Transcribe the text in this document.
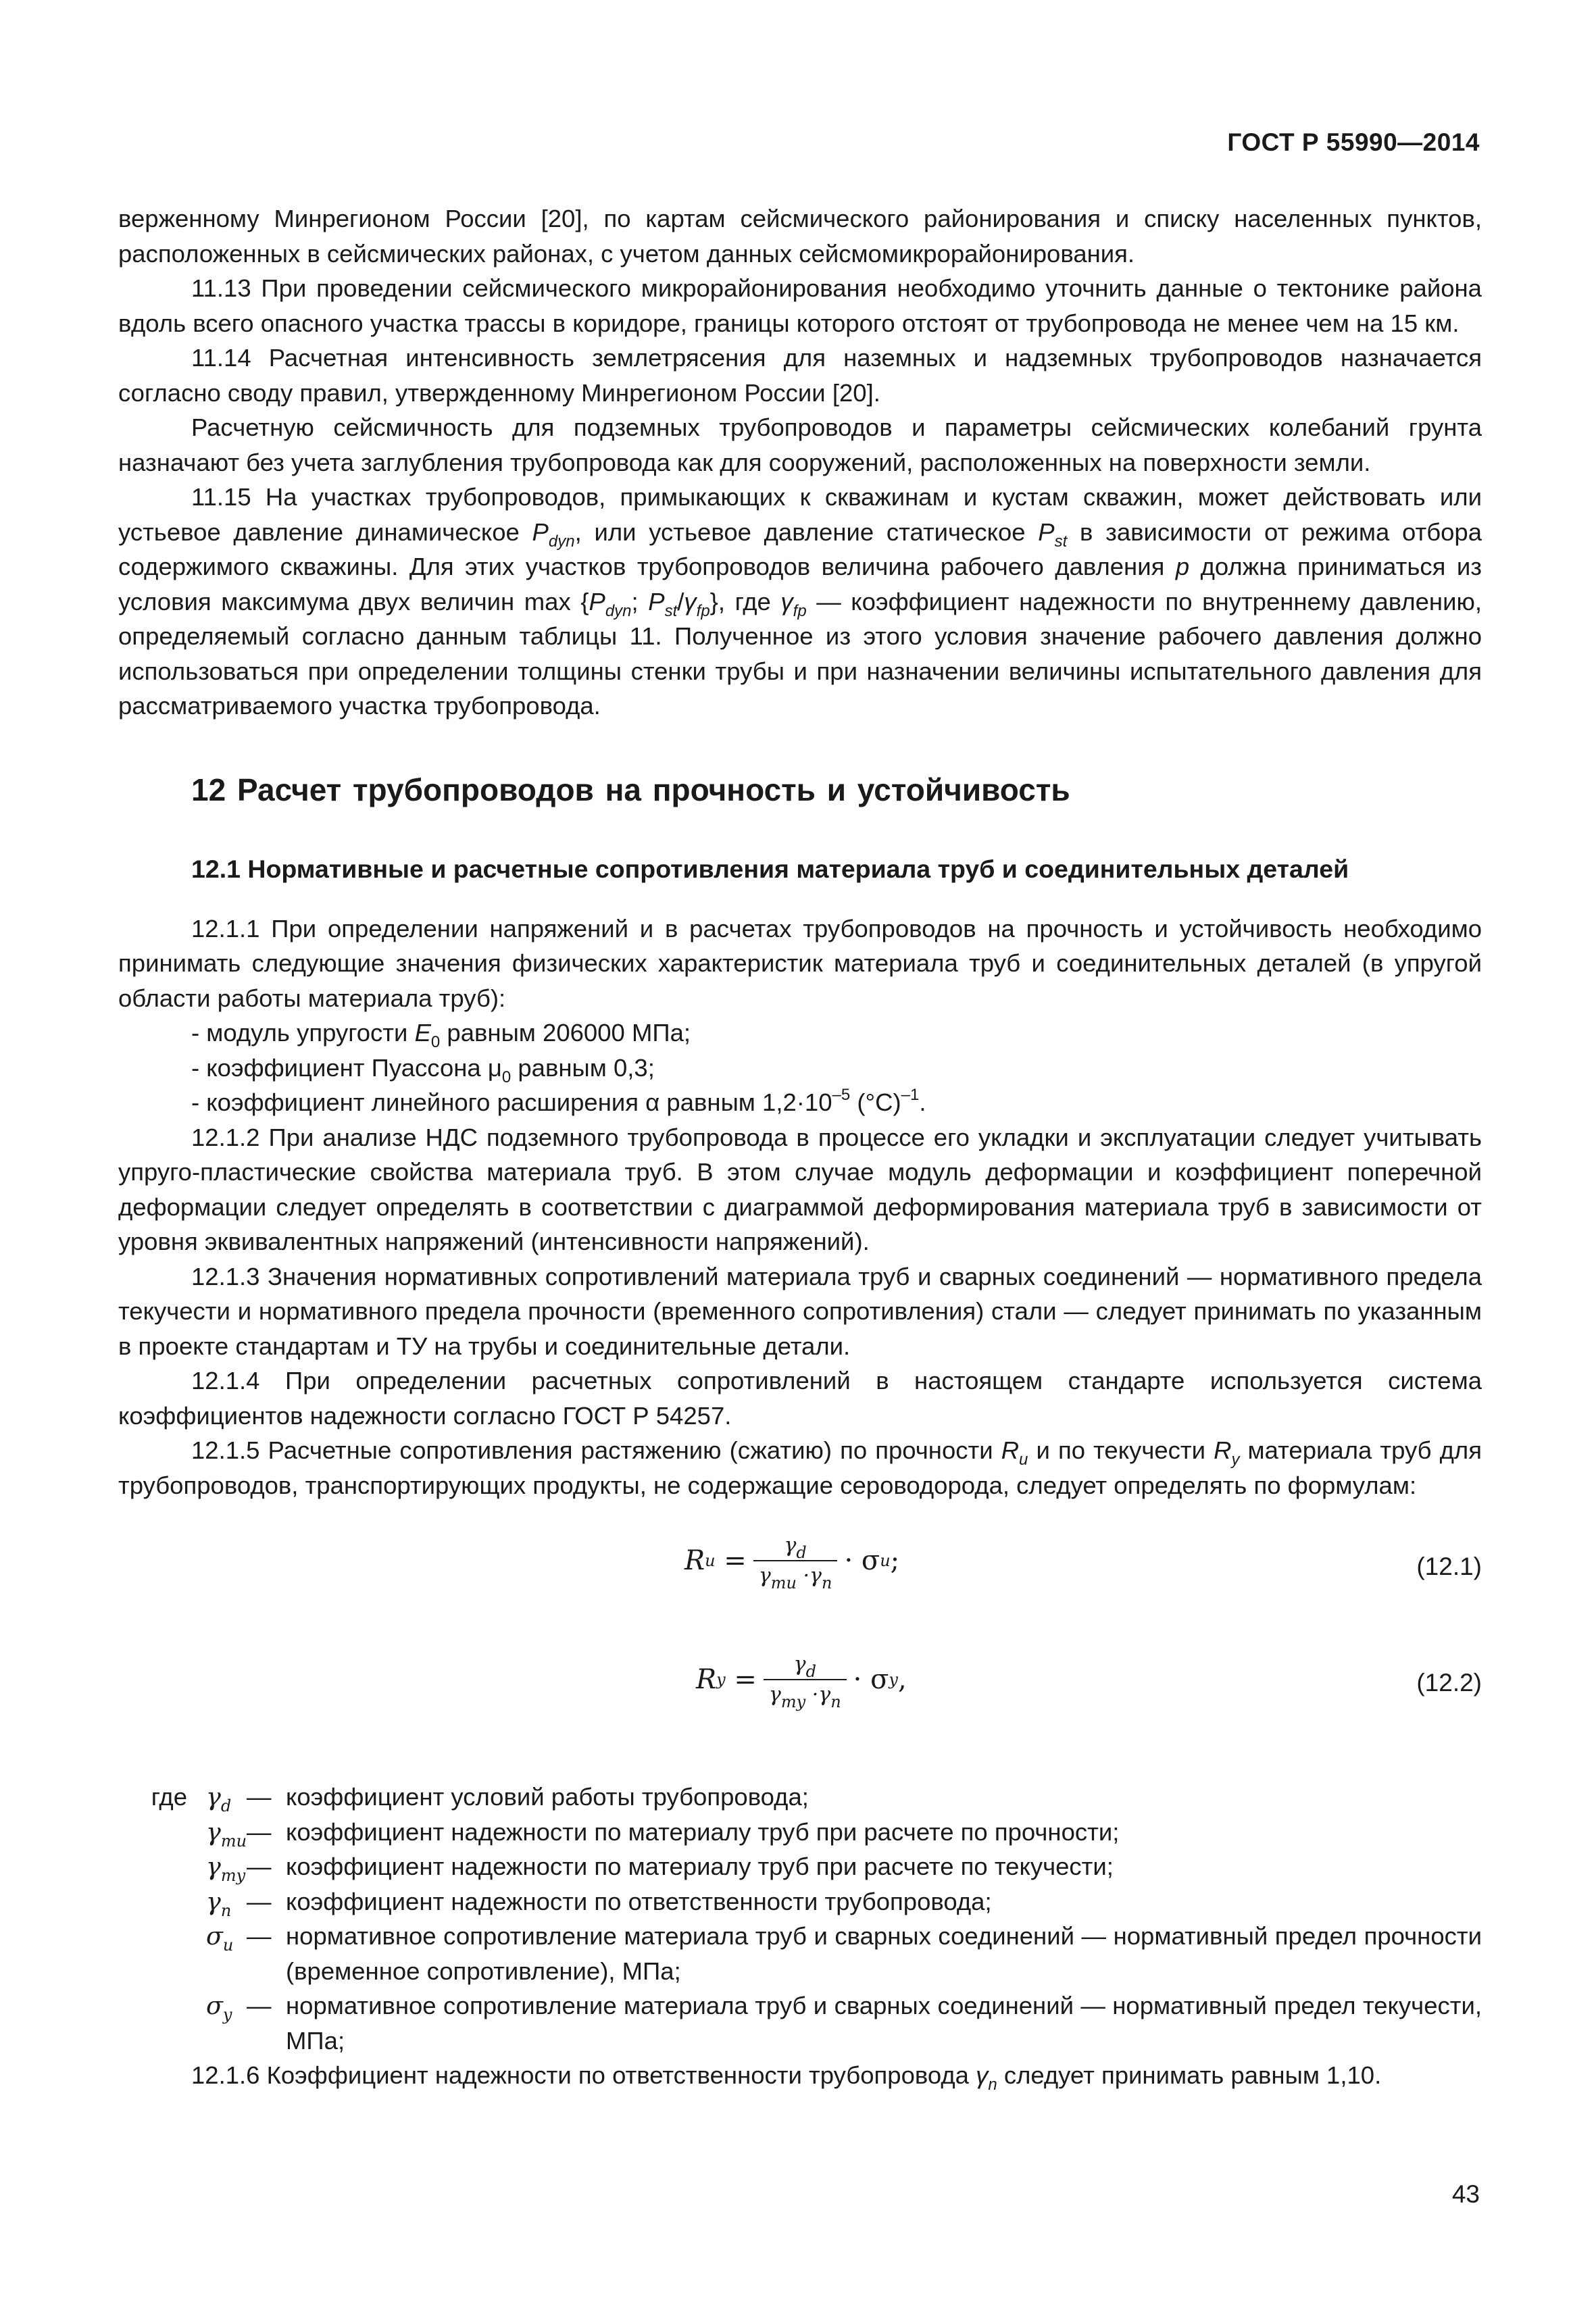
ГОСТ Р 55990—2014

верженному Минрегионом России [20], по картам сейсмического районирования и списку населенных пунктов, расположенных в сейсмических районах, с учетом данных сейсмомикрорайонирования.

11.13 При проведении сейсмического микрорайонирования необходимо уточнить данные о тектонике района вдоль всего опасного участка трассы в коридоре, границы которого отстоят от трубопровода не менее чем на 15 км.

11.14 Расчетная интенсивность землетрясения для наземных и надземных трубопроводов назначается согласно своду правил, утвержденному Минрегионом России [20].

Расчетную сейсмичность для подземных трубопроводов и параметры сейсмических колебаний грунта назначают без учета заглубления трубопровода как для сооружений, расположенных на поверхности земли.

11.15 На участках трубопроводов, примыкающих к скважинам и кустам скважин, может действовать или устьевое давление динамическое $P_{dyn}$, или устьевое давление статическое $P_{st}$ в зависимости от режима отбора содержимого скважины. Для этих участков трубопроводов величина рабочего давления p должна приниматься из условия максимума двух величин $\max \{P_{dyn}$; $P_{st}/\gamma_{fp}$}, где $\gamma_{fp}$ — коэффициент надежности по внутреннему давлению, определяемый согласно данным таблицы 11. Полученное из этого условия значение рабочего давления должно использоваться при определении толщины стенки трубы и при назначении величины испытательного давления для рассматриваемого участка трубопровода.

12 Расчет трубопроводов на прочность и устойчивость
12.1 Нормативные и расчетные сопротивления материала труб и соединительных деталей

12.1.1 При определении напряжений и в расчетах трубопроводов на прочность и устойчивость необходимо принимать следующие значения физических характеристик материала труб и соединительных деталей (в упругой области работы материала труб):

- модуль упругости $E_0$ равным 206000 МПа;

- коэффициент Пуассона $\mu_0$ равным 0,3;

- коэффициент линейного расширения α равным $1,2\cdot 10^{-5}$ $(^\circ C)^{-1}$.

12.1.2 При анализе НДС подземного трубопровода в процессе его укладки и эксплуатации следует учитывать упруго-пластические свойства материала труб. В этом случае модуль деформации и коэффициент поперечной деформации следует определять в соответствии с диаграммой деформирования материала труб в зависимости от уровня эквивалентных напряжений (интенсивности напряжений).

12.1.3 Значения нормативных сопротивлений материала труб и сварных соединений — нормативного предела текучести и нормативного предела прочности (временного сопротивления) стали — следует принимать по указанным в проекте стандартам и ТУ на трубы и соединительные детали.

12.1.4 При определении расчетных сопротивлений в настоящем стандарте используется система коэффициентов надежности согласно ГОСТ Р 54257.

12.1.5 Расчетные сопротивления растяжению (сжатию) по прочности $R_u$ и по текучести $R_y$ материала труб для трубопроводов, транспортирующих продукты, не содержащие сероводорода, следует определять по формулам:

R $u = \frac{\gamma_d}{\gamma_{mu} \cdot\gamma_n} \cdot \sigma$ u ;	(12.1)
R $y = \frac{\gamma_d}{\gamma_{my} \cdot\gamma_n} \cdot \sigma$ y ,	(12.2)
где $\gamma_d$ — коэффициент условий работы трубопровода;
$\gamma_{mu}$ — коэффициент надежности по материалу труб при расчете по прочности;
$\gamma_{my}$ — коэффициент надежности по материалу труб при расчете по текучести;
$\gamma_n$ — коэффициент надежности по ответственности трубопровода;
$\sigma_u$ — нормативное сопротивление материала труб и сварных соединений — нормативный предел прочности (временное сопротивление), МПа;
$\sigma_y$ — нормативное сопротивление материала труб и сварных соединений — нормативный предел текучести, МПа;

12.1.6 Коэффициент надежности по ответственности трубопровода $\gamma_n$ следует принимать равным 1,10.

43
